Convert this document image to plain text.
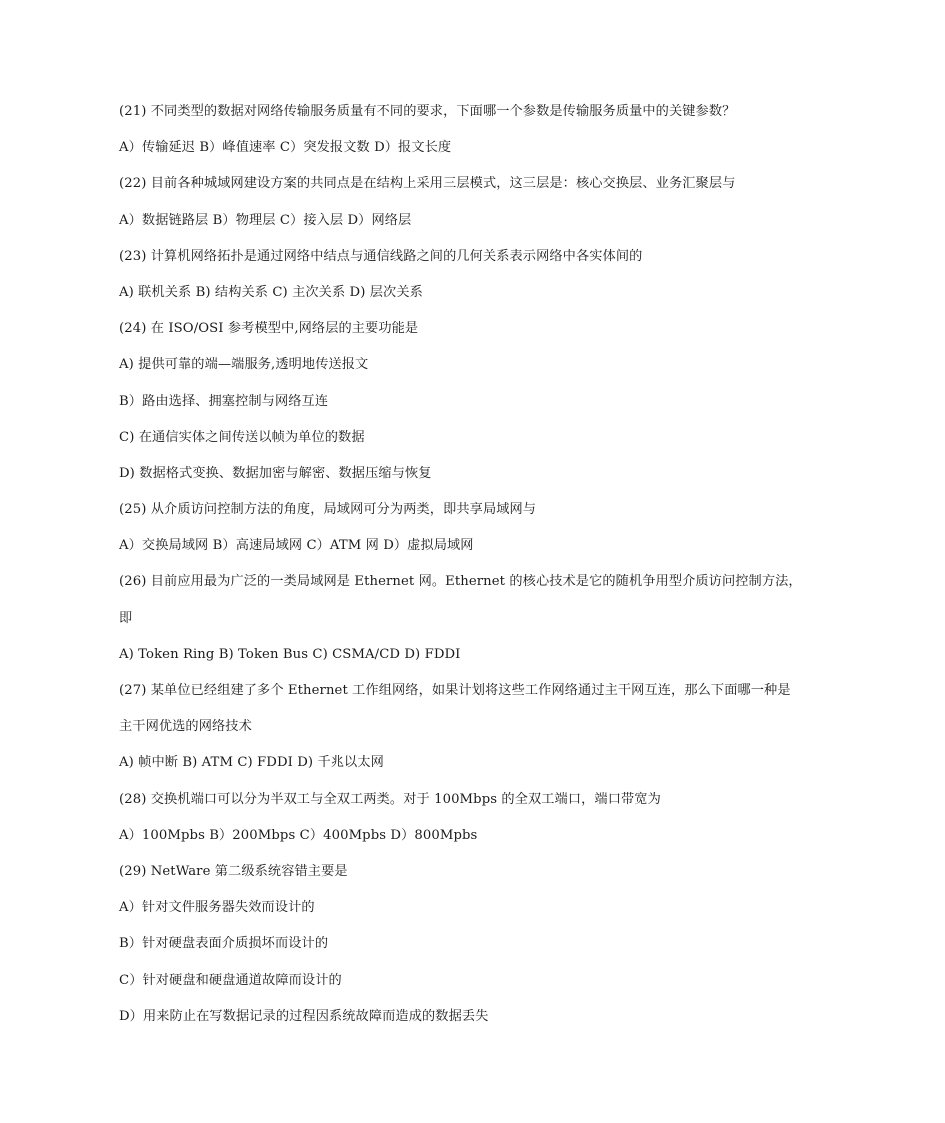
(21) 不同类型的数据对网络传输服务质量有不同的要求，下面哪一个参数是传输服务质量中的关键参数？
A）传输延迟 B）峰值速率 C）突发报文数 D）报文长度
(22) 目前各种城域网建设方案的共同点是在结构上采用三层模式，这三层是：核心交换层、业务汇聚层与
A）数据链路层 B）物理层 C）接入层 D）网络层
(23) 计算机网络拓扑是通过网络中结点与通信线路之间的几何关系表示网络中各实体间的
A) 联机关系 B) 结构关系 C) 主次关系 D) 层次关系
(24) 在 ISO/OSI 参考模型中,网络层的主要功能是
A) 提供可靠的端—端服务,透明地传送报文
B）路由选择、拥塞控制与网络互连
C) 在通信实体之间传送以帧为单位的数据
D) 数据格式变换、数据加密与解密、数据压缩与恢复
(25) 从介质访问控制方法的角度，局域网可分为两类，即共享局域网与
A）交换局域网 B）高速局域网 C）ATM 网 D）虚拟局域网
(26) 目前应用最为广泛的一类局域网是 Ethernet 网。Ethernet 的核心技术是它的随机争用型介质访问控制方法，
即
A) Token Ring B) Token Bus C) CSMA/CD D) FDDI
(27) 某单位已经组建了多个 Ethernet 工作组网络，如果计划将这些工作网络通过主干网互连，那么下面哪一种是
主干网优选的网络技术
A) 帧中断 B) ATM C) FDDI D) 千兆以太网
(28) 交换机端口可以分为半双工与全双工两类。对于 100Mbps 的全双工端口，端口带宽为
A）100Mpbs B）200Mbps C）400Mpbs D）800Mpbs
(29) NetWare 第二级系统容错主要是
A）针对文件服务器失效而设计的
B）针对硬盘表面介质损坏而设计的
C）针对硬盘和硬盘通道故障而设计的
D）用来防止在写数据记录的过程因系统故障而造成的数据丢失
